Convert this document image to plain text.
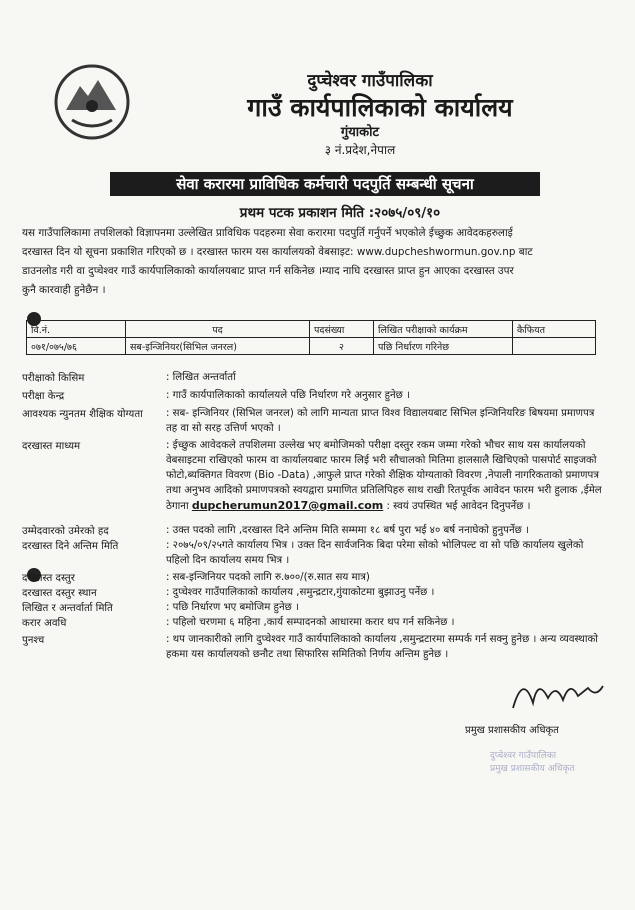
दुप्चेश्वर गाउँपालिका
गाउँ कार्यपालिकाको कार्यालय
गुंयाकोट
३ नं.प्रदेश,नेपाल
सेवा करारमा प्राविधिक कर्मचारी पदपुर्ति सम्बन्धी सूचना
प्रथम पटक प्रकाशन मिति :२०७५/०९/१०
यस गाउँपालिकामा तपशिलको विज्ञापनमा उल्लेखित प्राविधिक पदहरुमा सेवा करारमा पदपुर्ति गर्नुपर्ने भएकोले ईच्छुक आवेदकहरुलाई
दरखास्त दिन यो सूचना प्रकाशित गरिएको छ । दरखास्त फारम यस कार्यालयको वेबसाइट: www.dupcheshwormun.gov.np बाट
डाउनलोड गरी वा दुप्चेश्वर गाउँ कार्यपालिकाको कार्यालयबाट प्राप्त गर्न सकिनेछ ।म्याद नाघि दरखास्त प्राप्त हुन आएका दरखास्त उपर
कुनै कारवाही हुनेछैन ।
वि.नं.	पद	पदसंख्या	लिखित परीक्षाको कार्यक्रम	कैफियत
०७१/०७५/७६	सब-इन्जिनियर(सिभिल जनरल)	२	पछि निर्धारण गरिनेछ	
परीक्षाको किसिम	: लिखित अन्तर्वार्ता
परीक्षा केन्द्र	: गाउँ कार्यपालिकाको कार्यालयले पछि निर्धारण गरे अनुसार हुनेछ ।
आवश्यक न्युनतम शैक्षिक योग्यता : सब- इन्जिनियर (सिभिल जनरल) को लागि मान्यता प्राप्त विश्व विद्यालयबाट सिभिल इन्जिनियरिङ बिषयमा प्रमाणपत्र तह वा सो सरह उत्तिर्ण भएको ।
दरखास्त माध्यम	: ईच्छुक आवेदकले तपशिलमा उल्लेख भए बमोजिमको परीक्षा दस्तुर रकम जम्मा गरेको भौचर साथ यस कार्यालयको वेबसाइटमा राखिएको फारम वा कार्यालयबाट फारम लिई भरी सौचालको मितिमा हालसालै खिचिएको पासपोर्ट साइजको फोटो,ब्यक्तिगत विवरण (Bio -Data) ,आफुले प्राप्त गरेको शैक्षिक योग्यताको विवरण ,नेपाली नागरिकताको प्रमाणपत्र तथा अनुभव आदिको प्रमाणपत्रको स्वयद्वारा प्रमाणित प्रतिलिपिहरु साथ राखी रितपूर्वक आवेदन फारम भरी हुलाक ,ईमेल ठेगाना dupcherumun2017@gmail.com : स्वयं उपस्थित भई आवेदन दिनुपर्नेछ ।
उम्मेदवारको उमेरको हद	: उक्त पदको लागि ,दरखास्त दिने अन्तिम मिति सम्ममा १८ बर्ष पुरा भई ४० बर्ष ननाघेको हुनुपर्नेछ ।
दरखास्त दिने अन्तिम मिति	: २०७५/०९/२५गते कार्यालय भित्र । उक्त दिन सार्वजनिक बिदा परेमा सोको भोलिपल्ट वा सो पछि कार्यालय खुलेको पहिलो दिन कार्यालय समय भित्र ।
दरखास्त दस्तुर	: सब-इन्जिनियर पदको लागि रु.७००/(रु.सात सय मात्र)
दरखास्त दस्तुर स्थान	: दुप्चेश्वर गाउँपालिकाको कार्यालय ,समुन्द्रटार,गुंयाकोटमा बुझाउनु पर्नेछ ।
लिखित र अन्तर्वार्ता मिति	: पछि निर्धारण भए बमोजिम हुनेछ ।
करार अवधि	: पहिलो चरणमा ६ महिना ,कार्य सम्पादनको आधारमा करार थप गर्न सकिनेछ ।
पुनश्च	: थप जानकारीको लागि दुप्चेश्वर गाउँ कार्यपालिकाको कार्यालय ,समुन्द्रटारमा सम्पर्क गर्न सक्नु हुनेछ । अन्य व्यवस्थाको हकमा यस कार्यालयको छनौट तथा सिफारिस समितिको निर्णय अन्तिम हुनेछ ।
प्रमुख प्रशासकीय अधिकृत
दुप्चेश्वर गाउँपालिका
प्रमुख प्रशासकीय अधिकृत
